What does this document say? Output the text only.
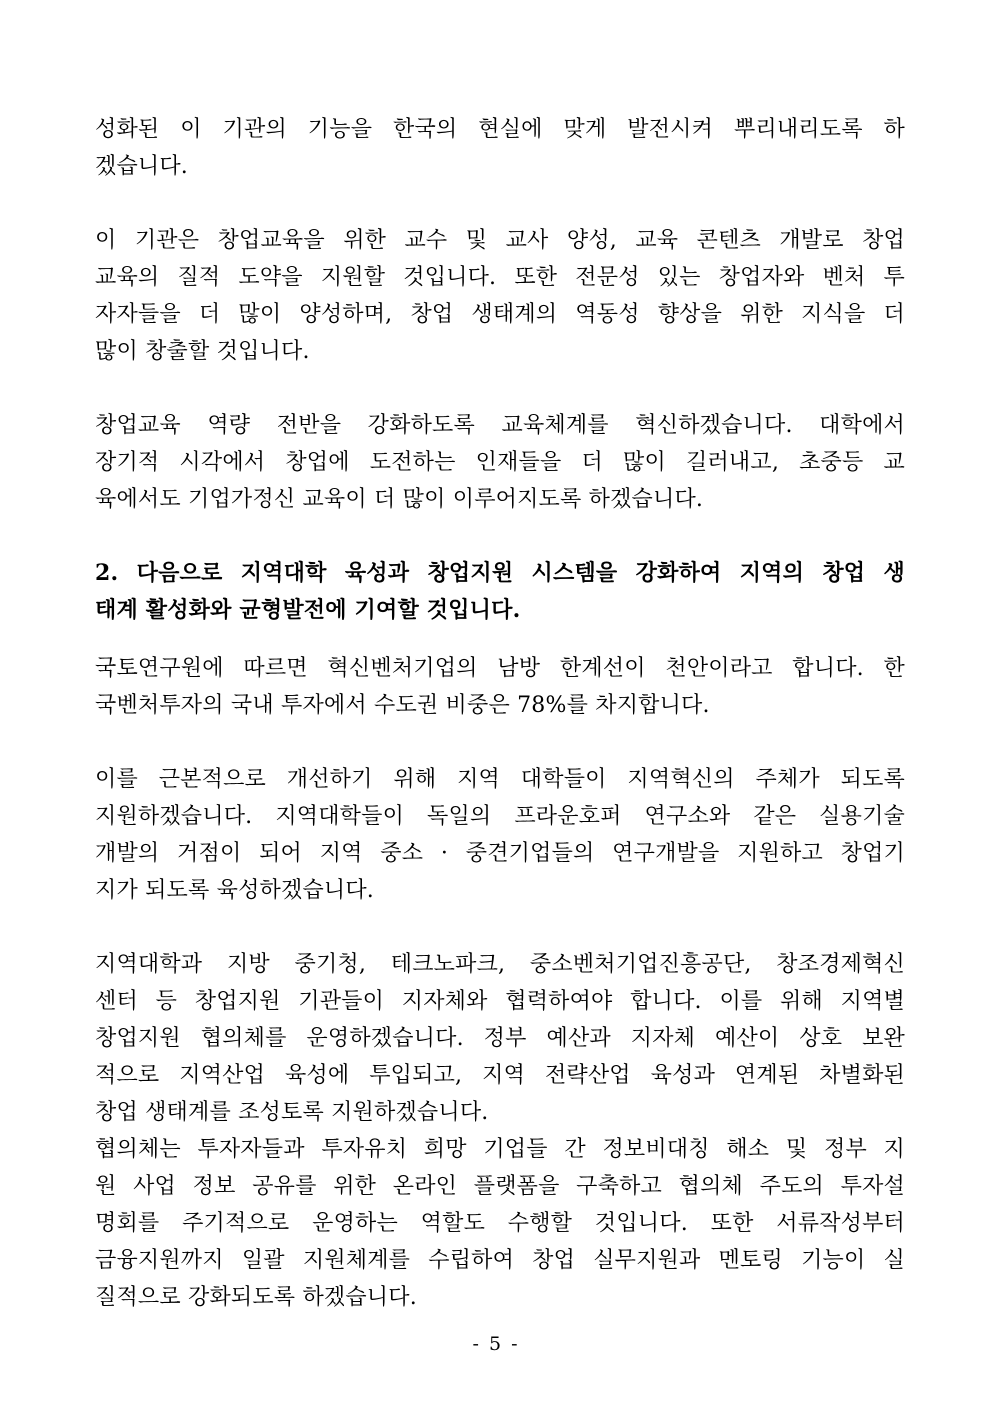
성화된 이 기관의 기능을 한국의 현실에 맞게 발전시켜 뿌리내리도록 하
겠습니다.
이 기관은 창업교육을 위한 교수 및 교사 양성, 교육 콘텐츠 개발로 창업
교육의 질적 도약을 지원할 것입니다. 또한 전문성 있는 창업자와 벤처 투
자자들을 더 많이 양성하며, 창업 생태계의 역동성 향상을 위한 지식을 더
많이 창출할 것입니다.
창업교육 역량 전반을 강화하도록 교육체계를 혁신하겠습니다. 대학에서
장기적 시각에서 창업에 도전하는 인재들을 더 많이 길러내고, 초중등 교
육에서도 기업가정신 교육이 더 많이 이루어지도록 하겠습니다.
2. 다음으로 지역대학 육성과 창업지원 시스템을 강화하여 지역의 창업 생
태계 활성화와 균형발전에 기여할 것입니다.
국토연구원에 따르면 혁신벤처기업의 남방 한계선이 천안이라고 합니다. 한
국벤처투자의 국내 투자에서 수도권 비중은 78%를 차지합니다.
이를 근본적으로 개선하기 위해 지역 대학들이 지역혁신의 주체가 되도록
지원하겠습니다. 지역대학들이 독일의 프라운호퍼 연구소와 같은 실용기술
개발의 거점이 되어 지역 중소 · 중견기업들의 연구개발을 지원하고 창업기
지가 되도록 육성하겠습니다.
지역대학과 지방 중기청, 테크노파크, 중소벤처기업진흥공단, 창조경제혁신
센터 등 창업지원 기관들이 지자체와 협력하여야 합니다. 이를 위해 지역별
창업지원 협의체를 운영하겠습니다. 정부 예산과 지자체 예산이 상호 보완
적으로 지역산업 육성에 투입되고, 지역 전략산업 육성과 연계된 차별화된
창업 생태계를 조성토록 지원하겠습니다.
협의체는 투자자들과 투자유치 희망 기업들 간 정보비대칭 해소 및 정부 지
원 사업 정보 공유를 위한 온라인 플랫폼을 구축하고 협의체 주도의 투자설
명회를 주기적으로 운영하는 역할도 수행할 것입니다. 또한 서류작성부터
금융지원까지 일괄 지원체계를 수립하여 창업 실무지원과 멘토링 기능이 실
질적으로 강화되도록 하겠습니다.
- 5 -
